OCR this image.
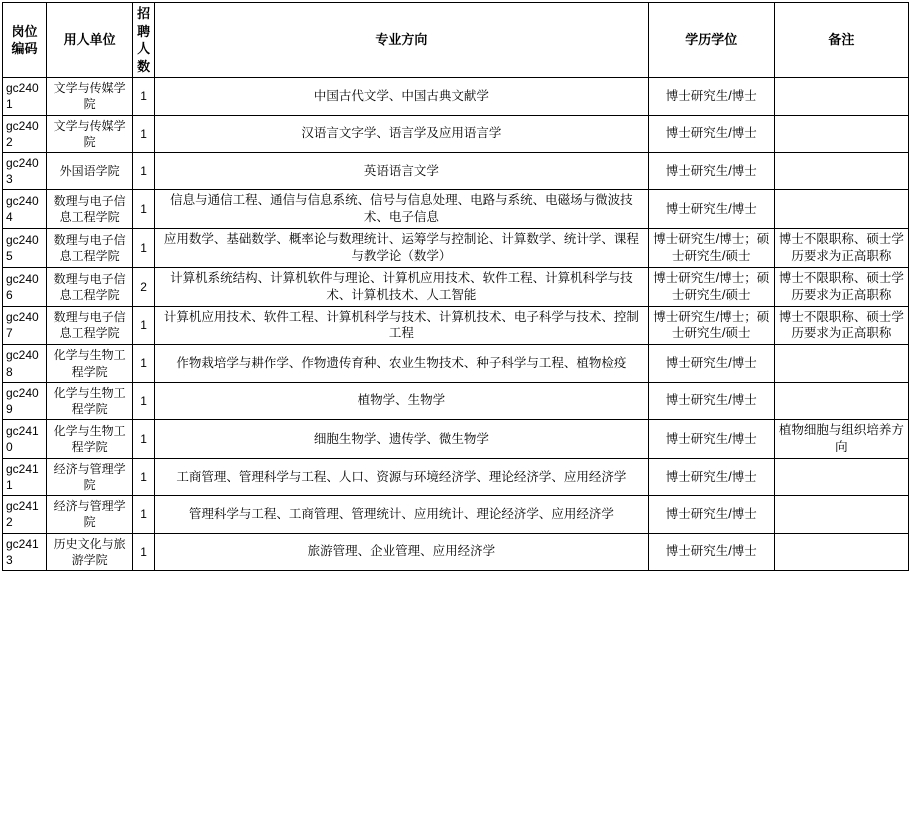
岗位编码	用人单位	招聘人数	专业方向	学历学位	备注
gc2401	文学与传媒学院	1	中国古代文学、中国古典文献学	博士研究生/博士	
gc2402	文学与传媒学院	1	汉语言文字学、语言学及应用语言学	博士研究生/博士	
gc2403	外国语学院	1	英语语言文学	博士研究生/博士	
gc2404	数理与电子信息工程学院	1	信息与通信工程、通信与信息系统、信号与信息处理、电路与系统、电磁场与微波技术、电子信息	博士研究生/博士	
gc2405	数理与电子信息工程学院	1	应用数学、基础数学、概率论与数理统计、运筹学与控制论、计算数学、统计学、课程与教学论（数学）	博士研究生/博士；硕士研究生/硕士	博士不限职称、硕士学历要求为正高职称
gc2406	数理与电子信息工程学院	2	计算机系统结构、计算机软件与理论、计算机应用技术、软件工程、计算机科学与技术、计算机技术、人工智能	博士研究生/博士；硕士研究生/硕士	博士不限职称、硕士学历要求为正高职称
gc2407	数理与电子信息工程学院	1	计算机应用技术、软件工程、计算机科学与技术、计算机技术、电子科学与技术、控制工程	博士研究生/博士；硕士研究生/硕士	博士不限职称、硕士学历要求为正高职称
gc2408	化学与生物工程学院	1	作物栽培学与耕作学、作物遗传育种、农业生物技术、种子科学与工程、植物检疫	博士研究生/博士	
gc2409	化学与生物工程学院	1	植物学、生物学	博士研究生/博士	
gc2410	化学与生物工程学院	1	细胞生物学、遗传学、微生物学	博士研究生/博士	植物细胞与组织培养方向
gc2411	经济与管理学院	1	工商管理、管理科学与工程、人口、资源与环境经济学、理论经济学、应用经济学	博士研究生/博士	
gc2412	经济与管理学院	1	管理科学与工程、工商管理、管理统计、应用统计、理论经济学、应用经济学	博士研究生/博士	
gc2413	历史文化与旅游学院	1	旅游管理、企业管理、应用经济学	博士研究生/博士	
